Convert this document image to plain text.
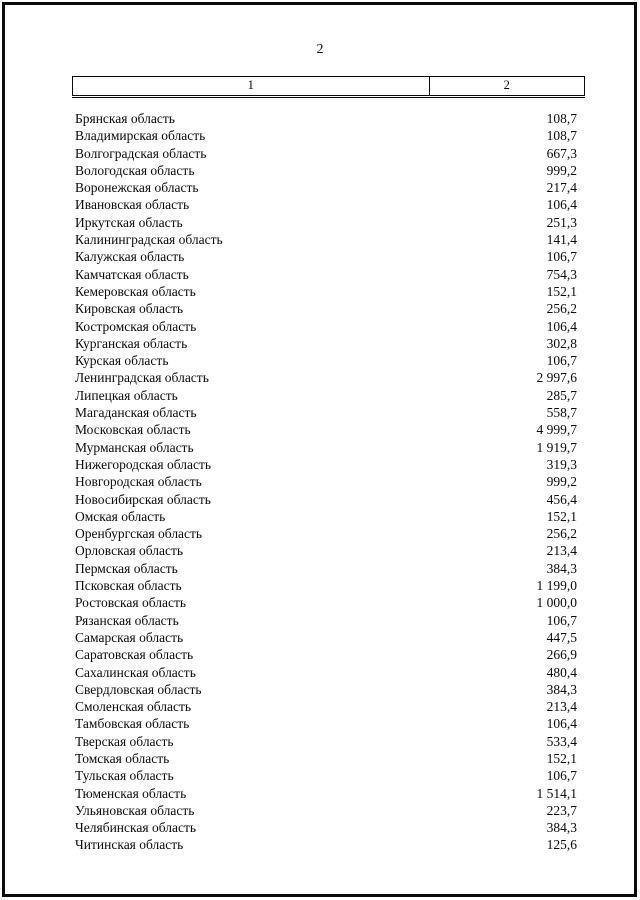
2
1	2
Брянская область	108,7
Владимирская область	108,7
Волгоградская область	667,3
Вологодская область	999,2
Воронежская область	217,4
Ивановская область	106,4
Иркутская область	251,3
Калининградская область	141,4
Калужская область	106,7
Камчатская область	754,3
Кемеровская область	152,1
Кировская область	256,2
Костромская область	106,4
Курганская область	302,8
Курская область	106,7
Ленинградская область	2 997,6
Липецкая область	285,7
Магаданская область	558,7
Московская область	4 999,7
Мурманская область	1 919,7
Нижегородская область	319,3
Новгородская область	999,2
Новосибирская область	456,4
Омская область	152,1
Оренбургская область	256,2
Орловская область	213,4
Пермская область	384,3
Псковская область	1 199,0
Ростовская область	1 000,0
Рязанская область	106,7
Самарская область	447,5
Саратовская область	266,9
Сахалинская область	480,4
Свердловская область	384,3
Смоленская область	213,4
Тамбовская область	106,4
Тверская область	533,4
Томская область	152,1
Тульская область	106,7
Тюменская область	1 514,1
Ульяновская область	223,7
Челябинская область	384,3
Читинская область	125,6
